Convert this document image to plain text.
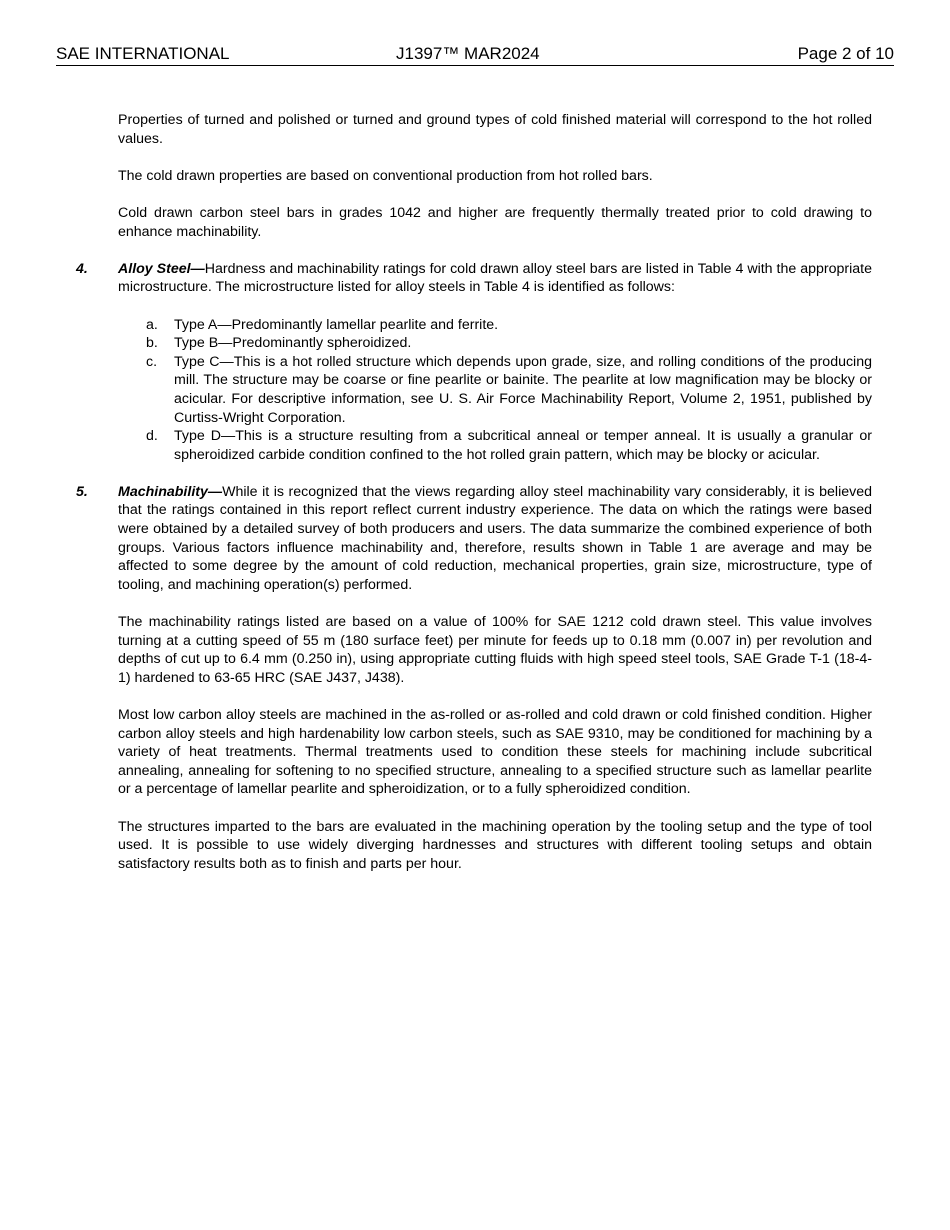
SAE INTERNATIONAL	J1397™ MAR2024	Page 2 of 10

Properties of turned and polished or turned and ground types of cold finished material will correspond to the hot rolled values.

The cold drawn properties are based on conventional production from hot rolled bars.

Cold drawn carbon steel bars in grades 1042 and higher are frequently thermally treated prior to cold drawing to enhance machinability.

4. Alloy Steel—Hardness and machinability ratings for cold drawn alloy steel bars are listed in Table 4 with the appropriate microstructure. The microstructure listed for alloy steels in Table 4 is identified as follows:

a. Type A—Predominantly lamellar pearlite and ferrite.
b. Type B—Predominantly spheroidized.
c. Type C—This is a hot rolled structure which depends upon grade, size, and rolling conditions of the producing mill. The structure may be coarse or fine pearlite or bainite. The pearlite at low magnification may be blocky or acicular. For descriptive information, see U. S. Air Force Machinability Report, Volume 2, 1951, published by Curtiss-Wright Corporation.
d. Type D—This is a structure resulting from a subcritical anneal or temper anneal. It is usually a granular or spheroidized carbide condition confined to the hot rolled grain pattern, which may be blocky or acicular.
5. Machinability—While it is recognized that the views regarding alloy steel machinability vary considerably, it is believed that the ratings contained in this report reflect current industry experience. The data on which the ratings were based were obtained by a detailed survey of both producers and users. The data summarize the combined experience of both groups. Various factors influence machinability and, therefore, results shown in Table 1 are average and may be affected to some degree by the amount of cold reduction, mechanical properties, grain size, microstructure, type of tooling, and machining operation(s) performed.

The machinability ratings listed are based on a value of 100% for SAE 1212 cold drawn steel. This value involves turning at a cutting speed of 55 m (180 surface feet) per minute for feeds up to 0.18 mm (0.007 in) per revolution and depths of cut up to 6.4 mm (0.250 in), using appropriate cutting fluids with high speed steel tools, SAE Grade T-1 (18-4-1) hardened to 63-65 HRC (SAE J437, J438).

Most low carbon alloy steels are machined in the as-rolled or as-rolled and cold drawn or cold finished condition. Higher carbon alloy steels and high hardenability low carbon steels, such as SAE 9310, may be conditioned for machining by a variety of heat treatments. Thermal treatments used to condition these steels for machining include subcritical annealing, annealing for softening to no specified structure, annealing to a specified structure such as lamellar pearlite or a percentage of lamellar pearlite and spheroidization, or to a fully spheroidized condition.

The structures imparted to the bars are evaluated in the machining operation by the tooling setup and the type of tool used. It is possible to use widely diverging hardnesses and structures with different tooling setups and obtain satisfactory results both as to finish and parts per hour.
